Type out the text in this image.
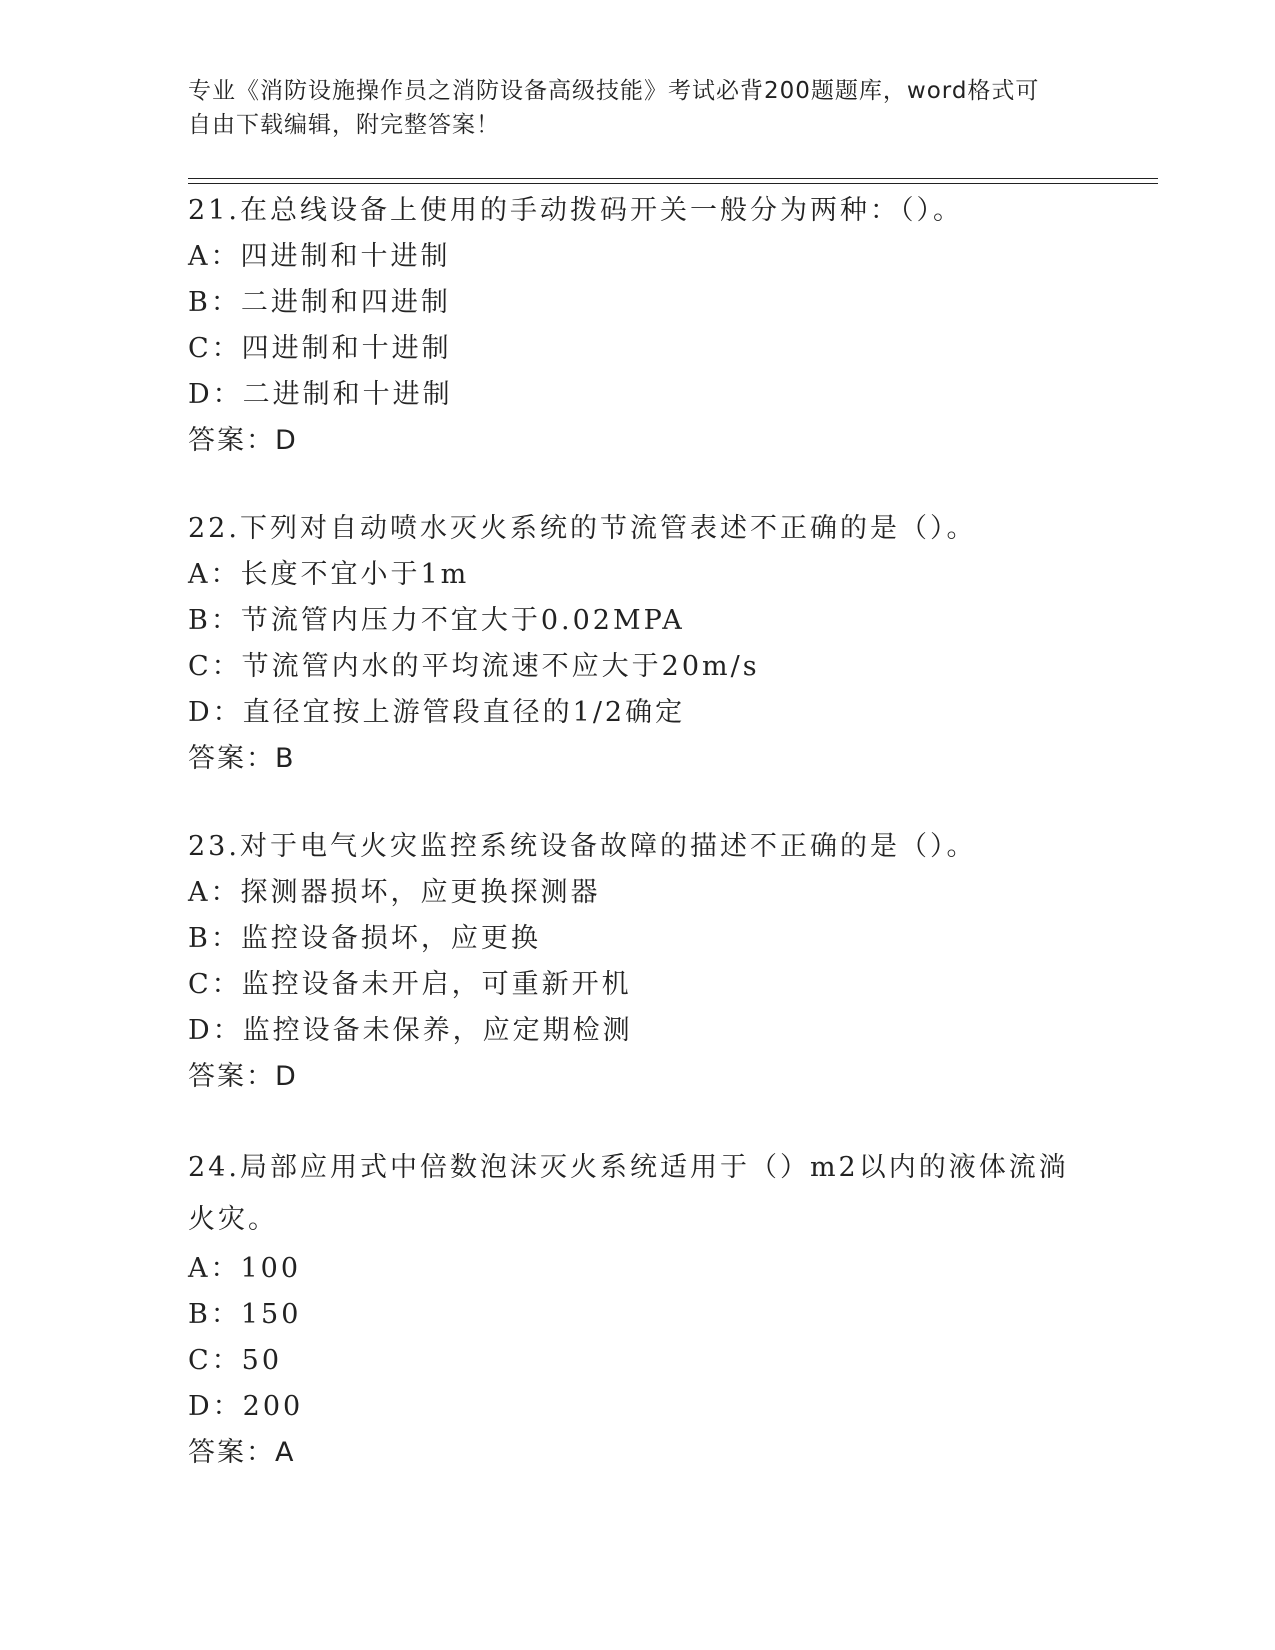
专业《消防设施操作员之消防设备高级技能》考试必背200题题库，word格式可
自由下载编辑，附完整答案！
21.在总线设备上使用的手动拨码开关一般分为两种：（）。
A：四进制和十进制
B：二进制和四进制
C：四进制和十进制
D：二进制和十进制
答案：D
22.下列对自动喷水灭火系统的节流管表述不正确的是（）。
A：长度不宜小于1m
B：节流管内压力不宜大于0.02MPA
C：节流管内水的平均流速不应大于20m/s
D：直径宜按上游管段直径的1/2确定
答案：B
23.对于电气火灾监控系统设备故障的描述不正确的是（）。
A：探测器损坏，应更换探测器
B：监控设备损坏，应更换
C：监控设备未开启，可重新开机
D：监控设备未保养，应定期检测
答案：D
24.局部应用式中倍数泡沫灭火系统适用于（）m2以内的液体流淌火灾。
A：100
B：150
C：50
D：200
答案：A
